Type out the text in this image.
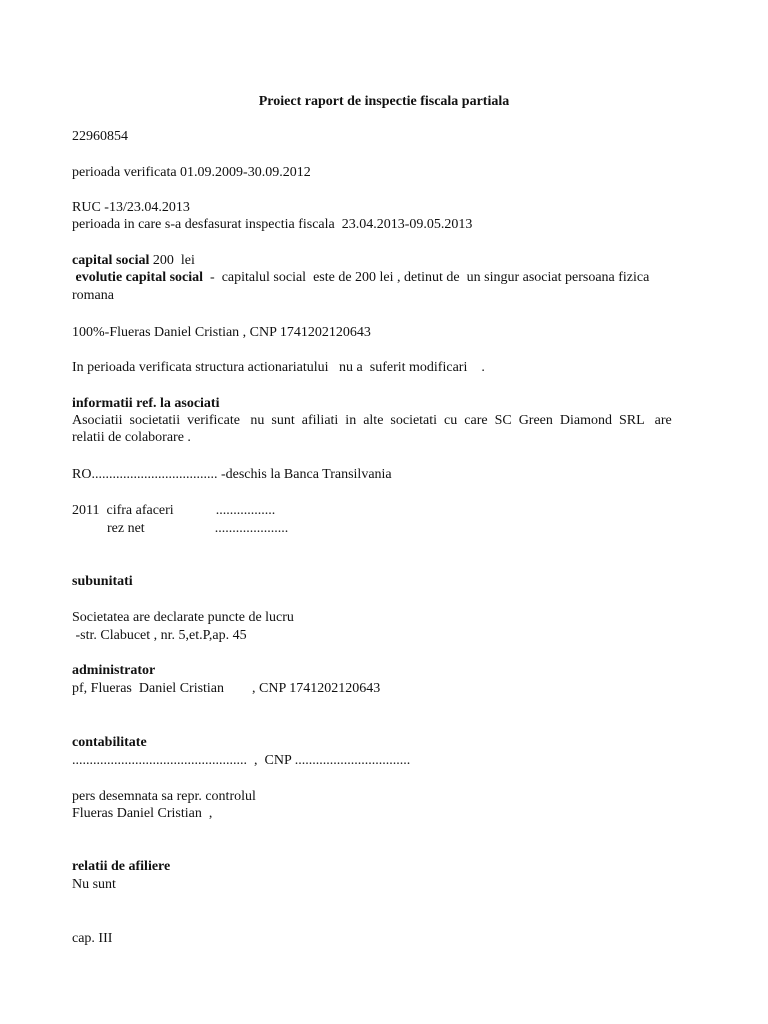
Proiect raport de inspectie fiscala partiala
22960854
perioada verificata 01.09.2009-30.09.2012
RUC -13/23.04.2013
perioada in care s-a desfasurat inspectia fiscala  23.04.2013-09.05.2013
capital social 200  lei
evolutie capital social  -  capitalul social  este de 200 lei , detinut de  un singur asociat persoana fizica
romana
100%-Flueras Daniel Cristian , CNP 1741202120643
In perioada verificata structura actionariatului   nu a  suferit modificari    .
informatii ref. la asociati
Asociatii  societatii  verificate   nu  sunt  afiliati  in  alte  societati  cu  care  SC  Green  Diamond  SRL   are
relatii de colaborare .
RO.................................... -deschis la Banca Transilvania
2011  cifra afaceri            .................
rez net                    .....................
subunitati
Societatea are declarate puncte de lucru
-str. Clabucet , nr. 5,et.P,ap. 45
administrator
pf, Flueras  Daniel Cristian        , CNP 1741202120643
contabilitate
..................................................  ,  CNP .................................
pers desemnata sa repr. controlul
Flueras Daniel Cristian  ,
relatii de afiliere
Nu sunt
cap. III
